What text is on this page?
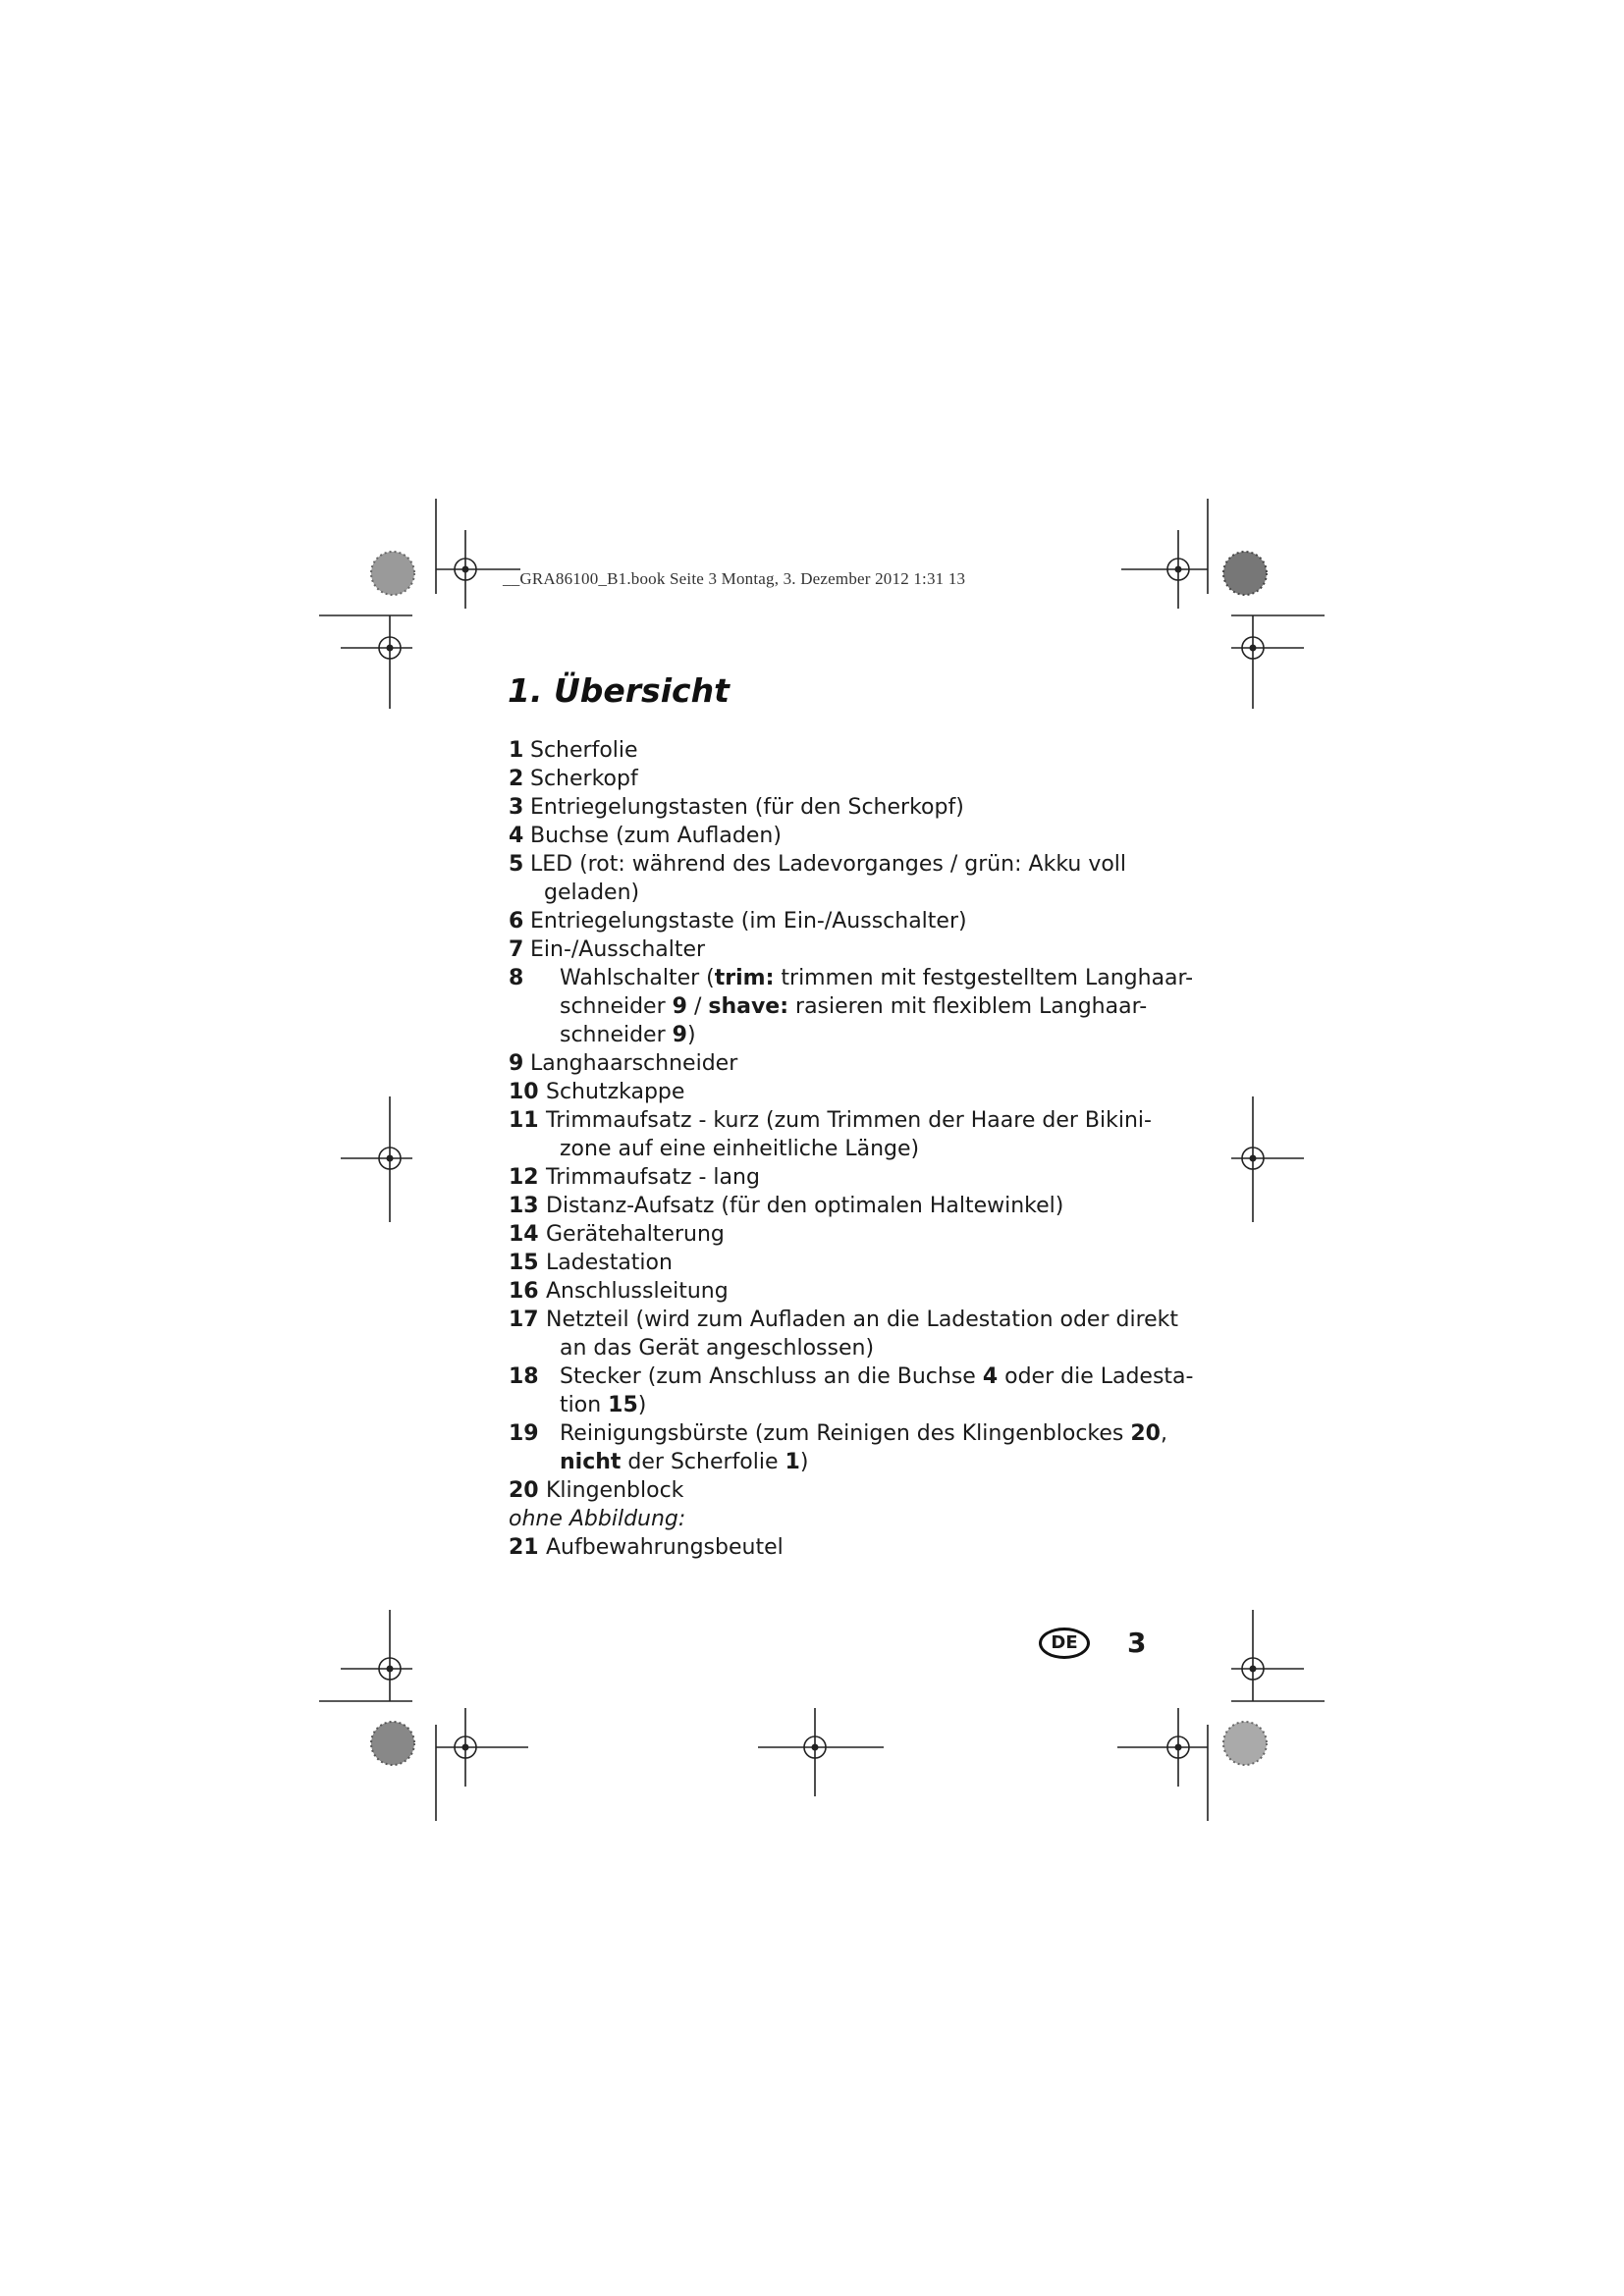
__GRA86100_B1.book Seite 3 Montag, 3. Dezember 2012 1:31 13
1. Übersicht
1 Scherfolie
2 Scherkopf
3 Entriegelungstasten (für den Scherkopf)
4 Buchse (zum Aufladen)
5 LED (rot: während des Ladevorganges / grün: Akku voll
geladen)
6 Entriegelungstaste (im Ein-/Ausschalter)
7 Ein-/Ausschalter
8 Wahlschalter (trim: trimmen mit festgestelltem Langhaar-
schneider 9 / shave: rasieren mit flexiblem Langhaar-
schneider 9)
9 Langhaarschneider
10 Schutzkappe
11 Trimmaufsatz - kurz (zum Trimmen der Haare der Bikini-
zone auf eine einheitliche Länge)
12 Trimmaufsatz - lang
13 Distanz-Aufsatz (für den optimalen Haltewinkel)
14 Gerätehalterung
15 Ladestation
16 Anschlussleitung
17 Netzteil (wird zum Aufladen an die Ladestation oder direkt
an das Gerät angeschlossen)
18 Stecker (zum Anschluss an die Buchse 4 oder die Ladesta-
tion 15)
19 Reinigungsbürste (zum Reinigen des Klingenblockes 20,
nicht der Scherfolie 1)
20 Klingenblock
ohne Abbildung:
21 Aufbewahrungsbeutel
DE	3
